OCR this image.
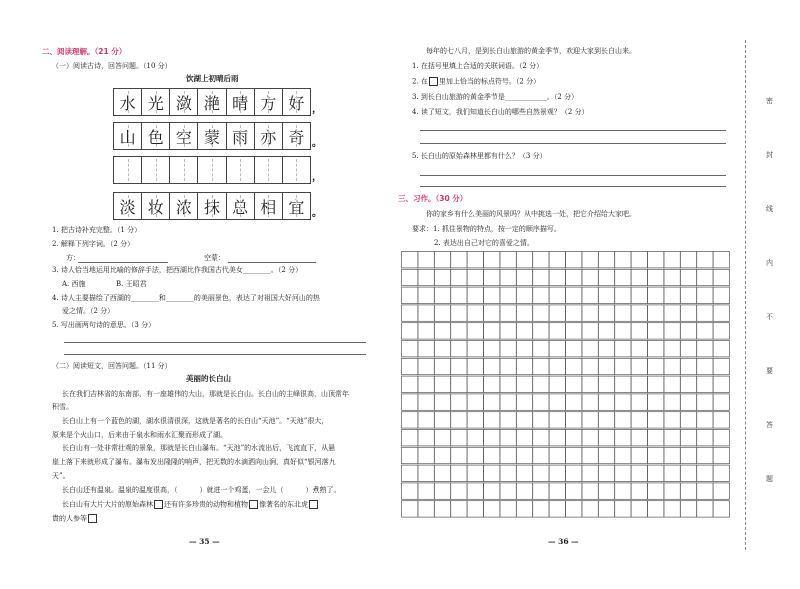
二、阅读理解。（21 分）
（一）阅读古诗，回答问题。（10 分）
饮湖上初晴后雨
水 光 潋 滟 晴 方 好 ，
山 色 空 蒙 雨 亦 奇 。
，
淡 妆 浓 抹 总 相 宜 。
1. 把古诗补充完整。（1 分）
2. 解释下列字词。（2 分）
方：	空蒙：
3. 诗人恰当地运用比喻的修辞手法，把西湖比作我国古代美女________。（2 分）
A. 西施	B. 王昭君
4. 诗人主要描绘了西湖的________和________的美丽景色，表达了对祖国大好河山的热
爱之情。（2 分）
5. 写出画两句诗的意思。（3 分）
（二）阅读短文，回答问题。（11 分）
美丽的长白山
长在我们吉林省的东南部，有一座雄伟的大山，那就是长白山。长白山的主峰很高，山顶常年
积雪。
长白山上有一个蓝色的湖，湖水很清很深，这就是著名的长白山“天池”。“天池”很大，
原来是个火山口，后来由于泉水和雨水汇聚而形成了湖。
长白山有一处非常壮观的景象，那就是长白山瀑布。“天池”的水流出后，飞流直下，从悬
崖上落下来就形成了瀑布。瀑布发出隆隆的响声，把无数的水滴洒向山涧，真好似“银河落九
天”。
长白山还有温泉。温泉的温度很高，（	）就进一个鸡蛋，一会儿（	）煮熟了。
长白山有大片大片的原始森林 还有许多珍贵的动物和植物 像著名的东北虎
貴的人参等
— 35 —
每年的七八月，是到长白山旅游的黄金季节，欢迎大家到长白山来。
1. 在括号里填上合适的关联词语。（2 分）
2. 在 里加上恰当的标点符号。（2 分）
3. 到长白山旅游的黄金季节是____________。（2 分）
4. 读了短文，我们知道长白山的哪些自然景观？（2 分）
5. 长白山的原始森林里都有什么？（3 分）
三、习作。（30 分）
你的家乡有什么美丽的风景吗？从中挑选一处，把它介绍给大家吧。
要求：1. 抓住景物的特点，按一定的顺序描写。
2. 表达出自己对它的喜爱之情。
— 36 —
密
封
线
内
不
要
答
题
